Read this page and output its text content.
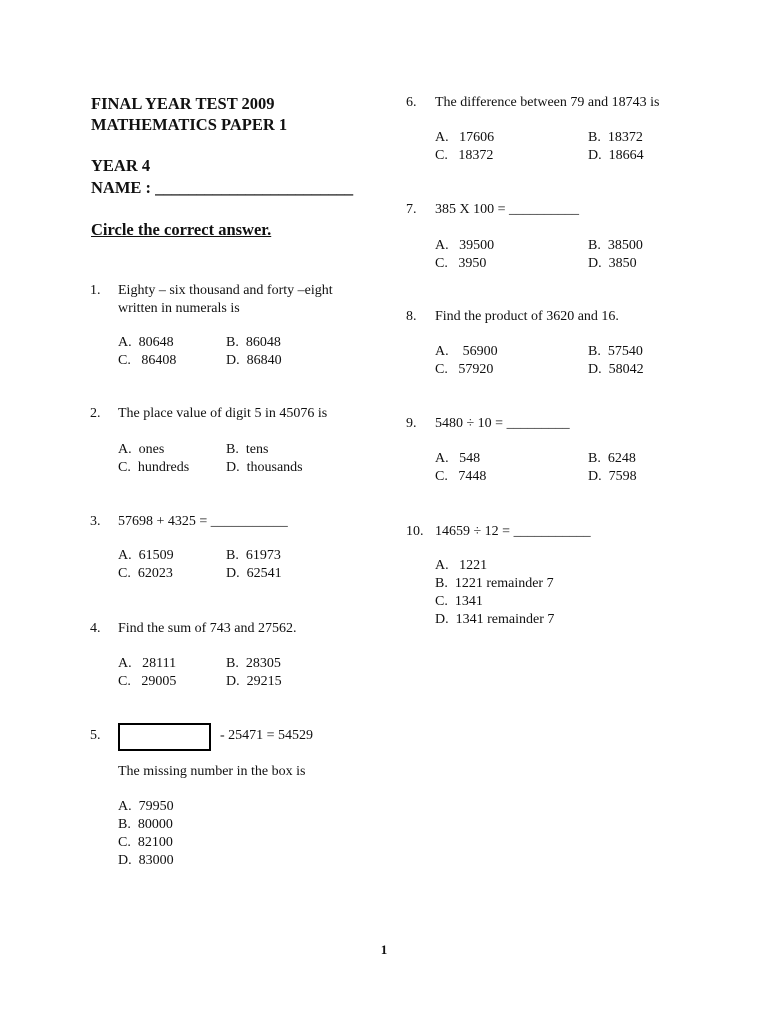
FINAL YEAR TEST 2009
MATHEMATICS PAPER 1
YEAR 4
NAME : ________________________
Circle the correct answer.
1. Eighty – six thousand and forty –eight
written in numerals is
A.  80648	B.  86048
C.   86408	D.  86840
2. The place value of digit 5 in 45076 is
A.  ones	B.  tens
C.  hundreds	D.  thousands
3. 57698 + 4325 = ___________
A.  61509	B.  61973
C.  62023	D.  62541
4. Find the sum of 743 and 27562.
A.   28111	B.  28305
C.   29005	D.  29215
5.	- 25471 = 54529
The missing number in the box is
A.  79950
B.  80000
C.  82100
D.  83000
6. The difference between 79 and 18743 is
A.   17606	B.  18372
C.   18372	D.  18664
7. 385 X 100 = __________
A.   39500	B.  38500
C.   3950	D.  3850
8. Find the product of 3620 and 16.
A.    56900	B.  57540
C.   57920	D.  58042
9. 5480 ÷ 10 = _________
A.   548	B.  6248
C.   7448	D.  7598
10. 14659 ÷ 12 = ___________
A.   1221
B.  1221 remainder 7
C.  1341
D.  1341 remainder 7
1
